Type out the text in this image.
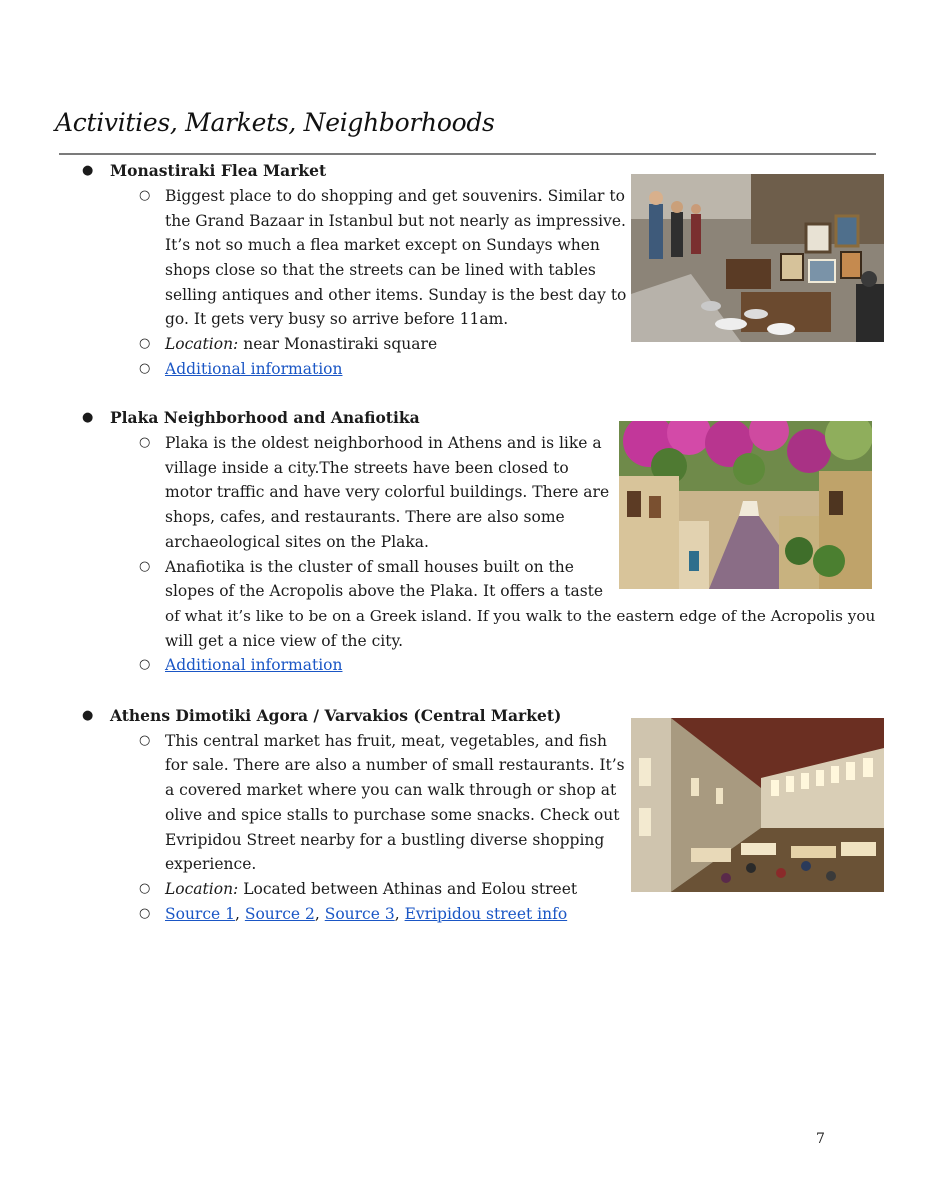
Activities, Markets, Neighborhoods
● Monastiraki Flea Market
○ Biggest place to do shopping and get souvenirs. Similar to
the Grand Bazaar in Istanbul but not nearly as impressive.
It’s not so much a flea market except on Sundays when
shops close so that the streets can be lined with tables
selling antiques and other items. Sunday is the best day to
go. It gets very busy so arrive before 11am.
○ Location: near Monastiraki square
○ Additional information
● Plaka Neighborhood and Anafiotika
○ Plaka is the oldest neighborhood in Athens and is like a
village inside a city.The streets have been closed to
motor traffic and have very colorful buildings. There are
shops, cafes, and restaurants. There are also some
archaeological sites on the Plaka.
○ Anafiotika is the cluster of small houses built on the
slopes of the Acropolis above the Plaka. It offers a taste
of what it’s like to be on a Greek island. If you walk to the eastern edge of the Acropolis you
will get a nice view of the city.
○ Additional information
● Athens Dimotiki Agora / Varvakios (Central Market)
○ This central market has fruit, meat, vegetables, and fish
for sale. There are also a number of small restaurants. It’s
a covered market where you can walk through or shop at
olive and spice stalls to purchase some snacks. Check out
Evripidou Street nearby for a bustling diverse shopping
experience.
○ Location: Located between Athinas and Eolou street
○ Source 1, Source 2, Source 3, Evripidou street info
7
